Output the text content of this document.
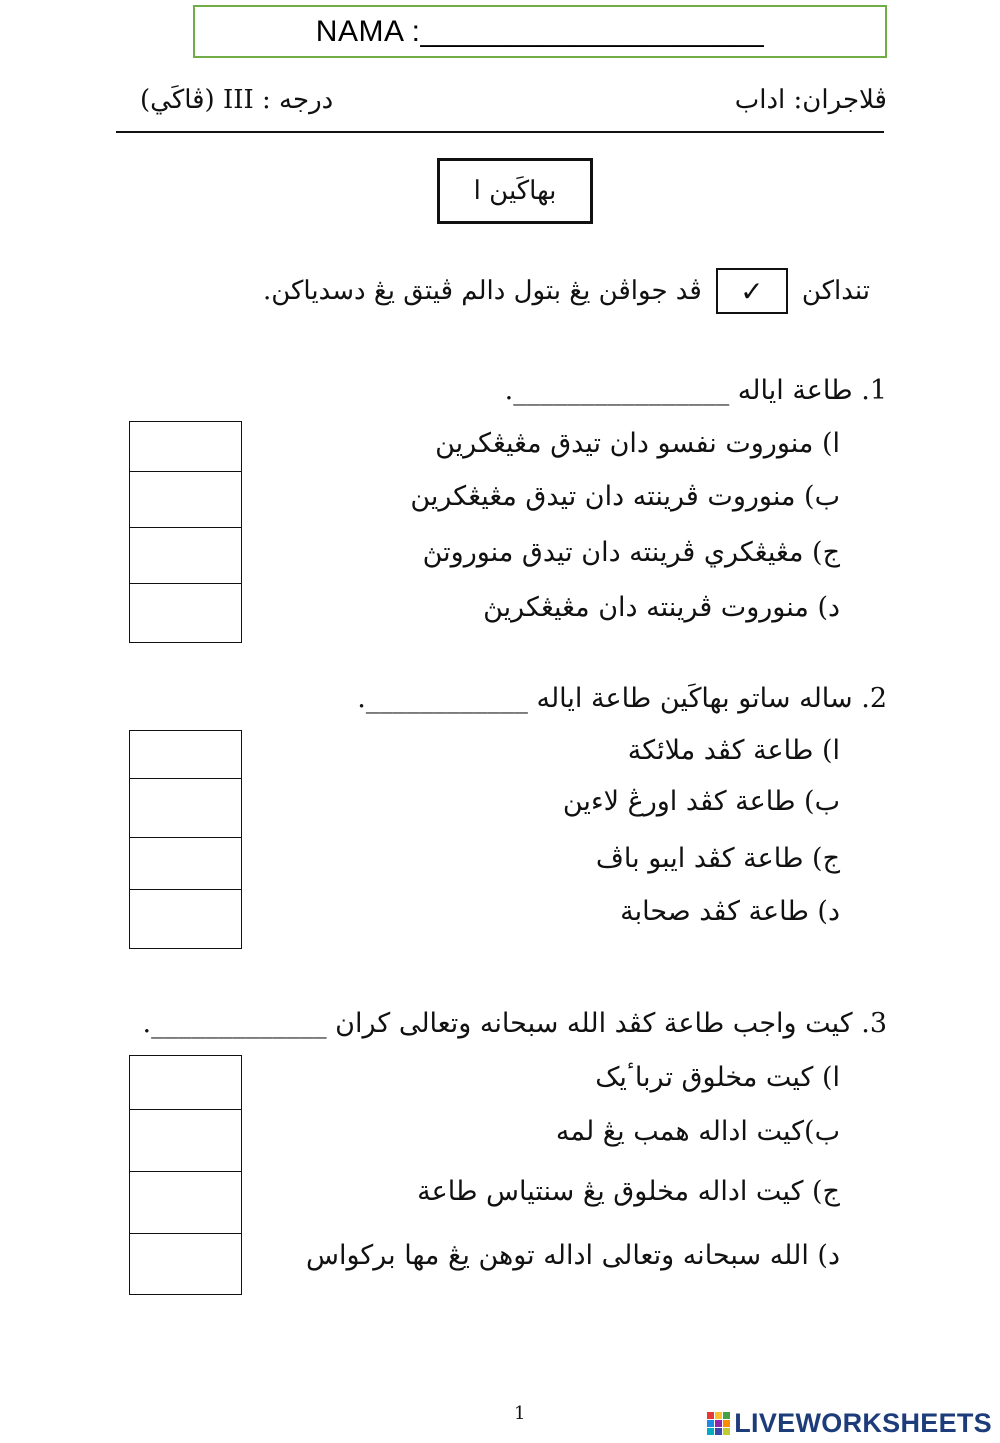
NAMA :____________________
ڤلاجران: اداب
درجه : III (ڤاکَي)
بهاکَين ا
تنداکن
✓
ڤد جواڤن يڠ بتول دالم ڤيتق يڠ دسدياکن.
1. طاعة اياله ________________.
ا) منوروت نفسو دان تيدق مڠيڠکرين
ب) منوروت ڤرينته دان تيدق مڠيڠکرين
ج) مڠيڠکري ڤرينته دان تيدق منوروتڽ
د) منوروت ڤرينته دان مڠيڠکريڽ
2. ساله ساتو بهاکَين طاعة اياله ____________.
ا) طاعة کڤد ملائکة
ب) طاعة کڤد اورڠ لاءين
ج) طاعة کڤد ايبو باڤ
د) طاعة کڤد صحابة
3. کيت واجب طاعة کڤد الله سبحانه وتعالى کران _____________.
ا) کيت مخلوق ترباٴيک
ب)کيت اداله همب يڠ لمه
ج) کيت اداله مخلوق يڠ سنتياس طاعة
د) الله سبحانه وتعالى اداله توهن يڠ مها برکواس
1	LIVEWORKSHEETS
